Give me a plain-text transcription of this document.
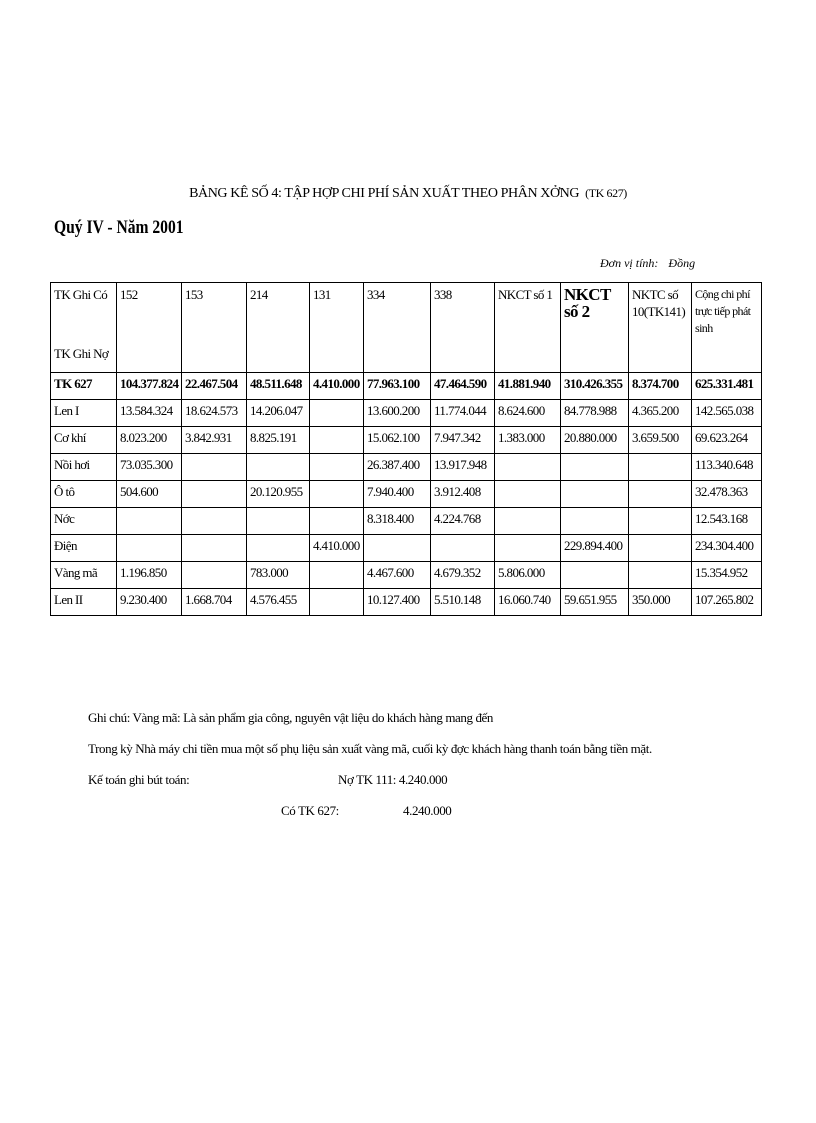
BẢNG KÊ SỐ 4: TẬP HỢP CHI PHÍ SẢN XUẤT THEO PHÂN XỞNG (TK 627)
Quý IV - Năm 2001
Đơn vị tính: Đồng
TK Ghi Có
TK Ghi Nợ	152	153	214	131	334	338	NKCT số 1	NKCT số 2	NKTC số 10(TK141)	Cộng chi phí trực tiếp phát sinh
TK 627	104.377.824	22.467.504	48.511.648	4.410.000	77.963.100	47.464.590	41.881.940	310.426.355	8.374.700	625.331.481
Len I	13.584.324	18.624.573	14.206.047		13.600.200	11.774.044	8.624.600	84.778.988	4.365.200	142.565.038
Cơ khí	8.023.200	3.842.931	8.825.191		15.062.100	7.947.342	1.383.000	20.880.000	3.659.500	69.623.264
Nồi hơi	73.035.300				26.387.400	13.917.948				113.340.648
Ô tô	504.600		20.120.955		7.940.400	3.912.408				32.478.363
Nớc					8.318.400	4.224.768				12.543.168
Điện				4.410.000				229.894.400		234.304.400
Vàng mã	1.196.850		783.000		4.467.600	4.679.352	5.806.000			15.354.952
Len II	9.230.400	1.668.704	4.576.455		10.127.400	5.510.148	16.060.740	59.651.955	350.000	107.265.802
Ghi chú: Vàng mã: Là sản phẩm gia công, nguyên vật liệu do khách hàng mang đến
Trong kỳ Nhà máy chi tiền mua một số phụ liệu sản xuất vàng mã, cuối kỳ đợc khách hàng thanh toán bằng tiền mặt.
Kế toán ghi bút toán:	Nợ TK 111: 4.240.000
Có TK 627:	4.240.000
